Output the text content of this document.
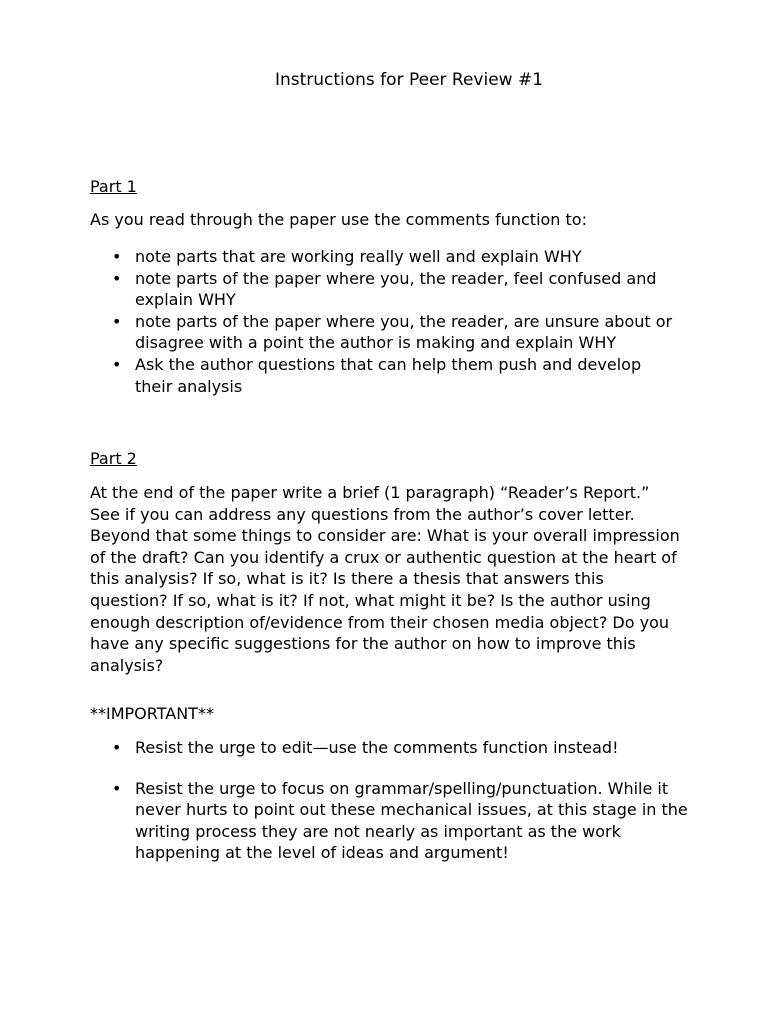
Instructions for Peer Review #1
Part 1

As you read through the paper use the comments function to:

• note parts that are working really well and explain WHY
• note parts of the paper where you, the reader, feel confused and explain WHY
• note parts of the paper where you, the reader, are unsure about or disagree with a point the author is making and explain WHY
• Ask the author questions that can help them push and develop their analysis
Part 2

At the end of the paper write a brief (1 paragraph) “Reader’s Report.” See if you can address any questions from the author’s cover letter. Beyond that some things to consider are: What is your overall impression of the draft? Can you identify a crux or authentic question at the heart of this analysis? If so, what is it? Is there a thesis that answers this question? If so, what is it? If not, what might it be? Is the author using enough description of/evidence from their chosen media object? Do you have any specific suggestions for the author on how to improve this analysis?

**IMPORTANT**
• Resist the urge to edit—use the comments function instead!
• Resist the urge to focus on grammar/spelling/punctuation. While it never hurts to point out these mechanical issues, at this stage in the writing process they are not nearly as important as the work happening at the level of ideas and argument!
